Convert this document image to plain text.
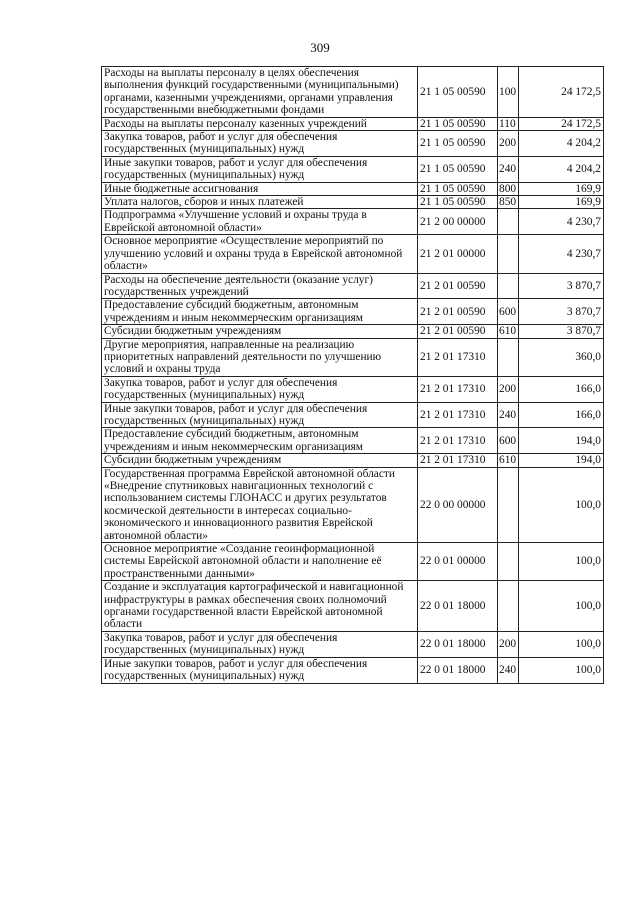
309
Расходы на выплаты персоналу в целях обеспечения выполнения функций государственными (муниципальными) органами, казенными учреждениями, органами управления государственными внебюджетными фондами	21 1 05 00590	100	24 172,5
Расходы на выплаты персоналу казенных учреждений	21 1 05 00590	110	24 172,5
Закупка товаров, работ и услуг для обеспечения государственных (муниципальных) нужд	21 1 05 00590	200	4 204,2
Иные закупки товаров, работ и услуг для обеспечения государственных (муниципальных) нужд	21 1 05 00590	240	4 204,2
Иные бюджетные ассигнования	21 1 05 00590	800	169,9
Уплата налогов, сборов и иных платежей	21 1 05 00590	850	169,9
Подпрограмма «Улучшение условий и охраны труда в Еврейской автономной области»	21 2 00 00000		4 230,7
Основное мероприятие «Осуществление мероприятий по улучшению условий и охраны труда в Еврейской автономной области»	21 2 01 00000		4 230,7
Расходы на обеспечение деятельности (оказание услуг) государственных учреждений	21 2 01 00590		3 870,7
Предоставление субсидий бюджетным, автономным учреждениям и иным некоммерческим организациям	21 2 01 00590	600	3 870,7
Субсидии бюджетным учреждениям	21 2 01 00590	610	3 870,7
Другие мероприятия, направленные на реализацию приоритетных направлений деятельности по улучшению условий и охраны труда	21 2 01 17310		360,0
Закупка товаров, работ и услуг для обеспечения государственных (муниципальных) нужд	21 2 01 17310	200	166,0
Иные закупки товаров, работ и услуг для обеспечения государственных (муниципальных) нужд	21 2 01 17310	240	166,0
Предоставление субсидий бюджетным, автономным учреждениям и иным некоммерческим организациям	21 2 01 17310	600	194,0
Субсидии бюджетным учреждениям	21 2 01 17310	610	194,0
Государственная программа Еврейской автономной области «Внедрение спутниковых навигационных технологий с использованием системы ГЛОНАСС и других результатов космической деятельности в интересах социально-экономического и инновационного развития Еврейской автономной области»	22 0 00 00000		100,0
Основное мероприятие «Создание геоинформационной системы Еврейской автономной области и наполнение её пространственными данными»	22 0 01 00000		100,0
Создание и эксплуатация картографической и навигационной инфраструктуры в рамках обеспечения своих полномочий органами государственной власти Еврейской автономной области	22 0 01 18000		100,0
Закупка товаров, работ и услуг для обеспечения государственных (муниципальных) нужд	22 0 01 18000	200	100,0
Иные закупки товаров, работ и услуг для обеспечения государственных (муниципальных) нужд	22 0 01 18000	240	100,0
